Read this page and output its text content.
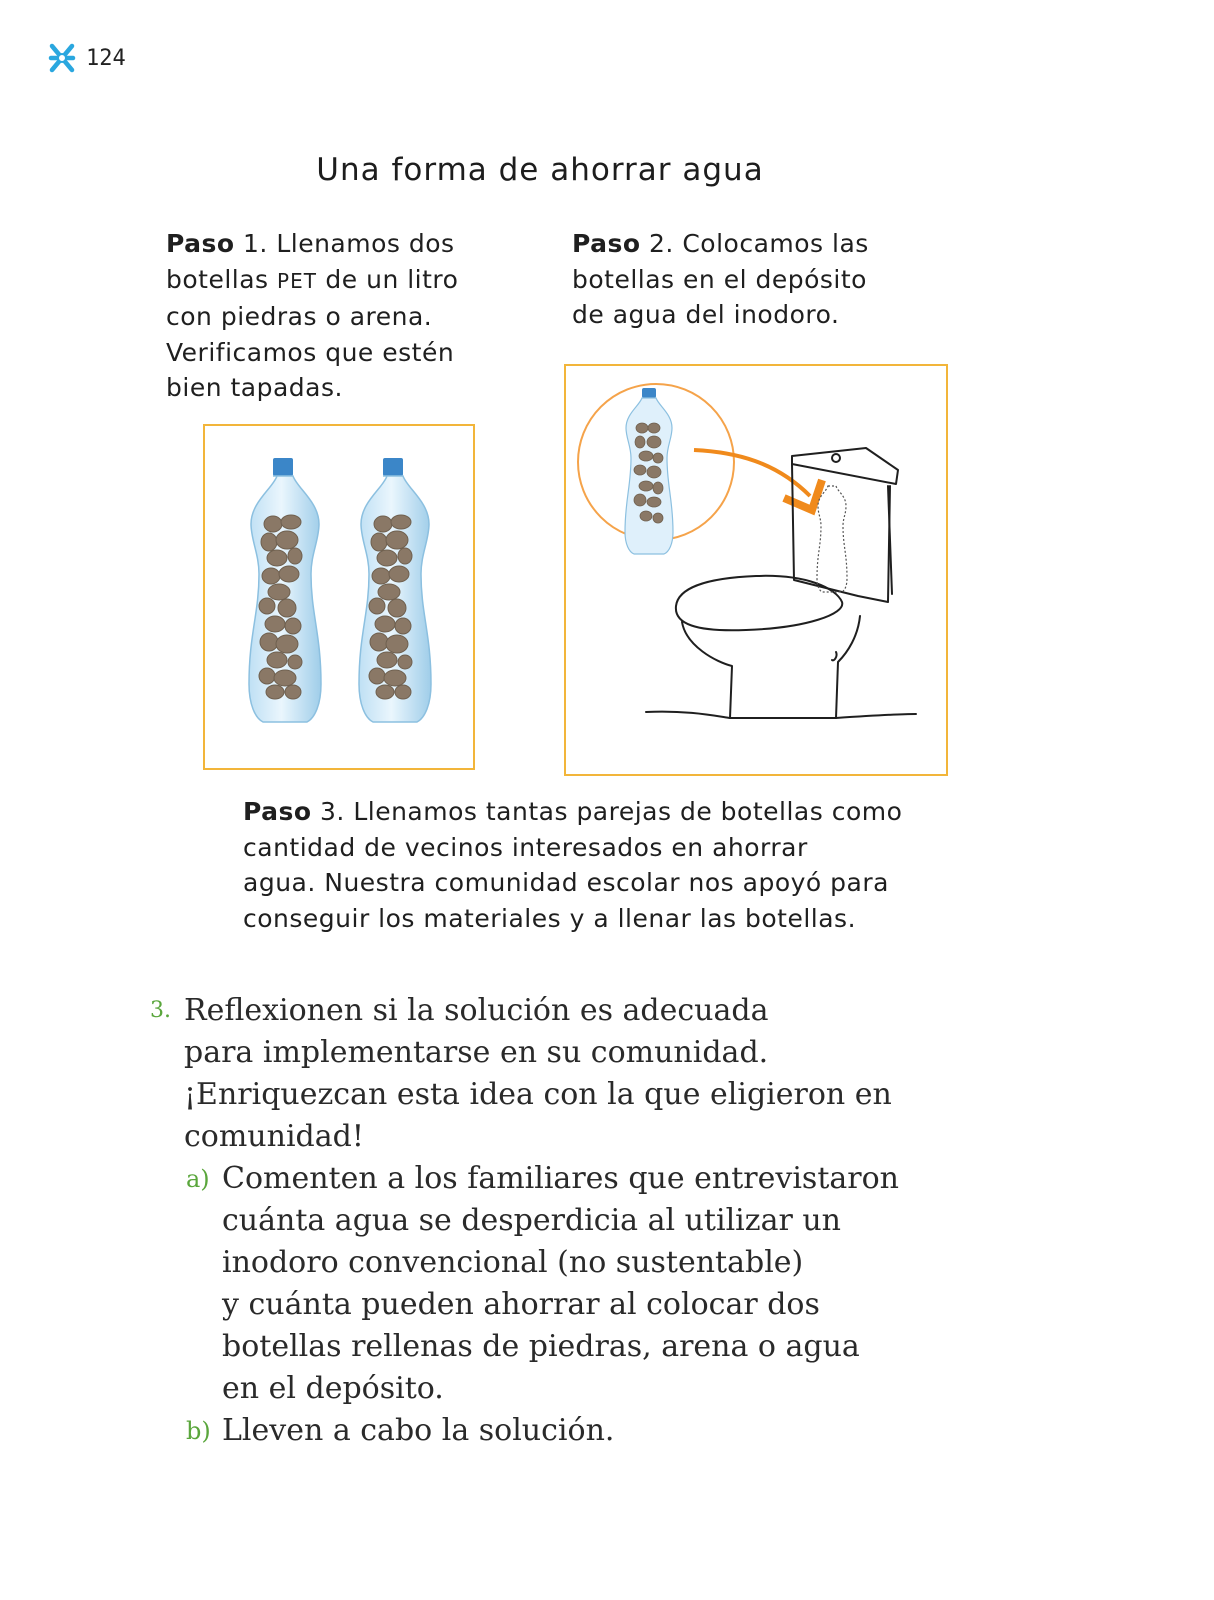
124
Una forma de ahorrar agua
Paso 1. Llenamos dos
botellas PET de un litro
con piedras o arena.
Verificamos que estén
bien tapadas.
Paso 2. Colocamos las
botellas en el depósito
de agua del inodoro.
Paso 3. Llenamos tantas parejas de botellas como
cantidad de vecinos interesados en ahorrar
agua. Nuestra comunidad escolar nos apoyó para
conseguir los materiales y a llenar las botellas.
3. Reflexionen si la solución es adecuada
para implementarse en su comunidad.
¡Enriquezcan esta idea con la que eligieron en
comunidad!
a) Comenten a los familiares que entrevistaron
cuánta agua se desperdicia al utilizar un
inodoro convencional (no sustentable)
y cuánta pueden ahorrar al colocar dos
botellas rellenas de piedras, arena o agua
en el depósito.
b) Lleven a cabo la solución.
